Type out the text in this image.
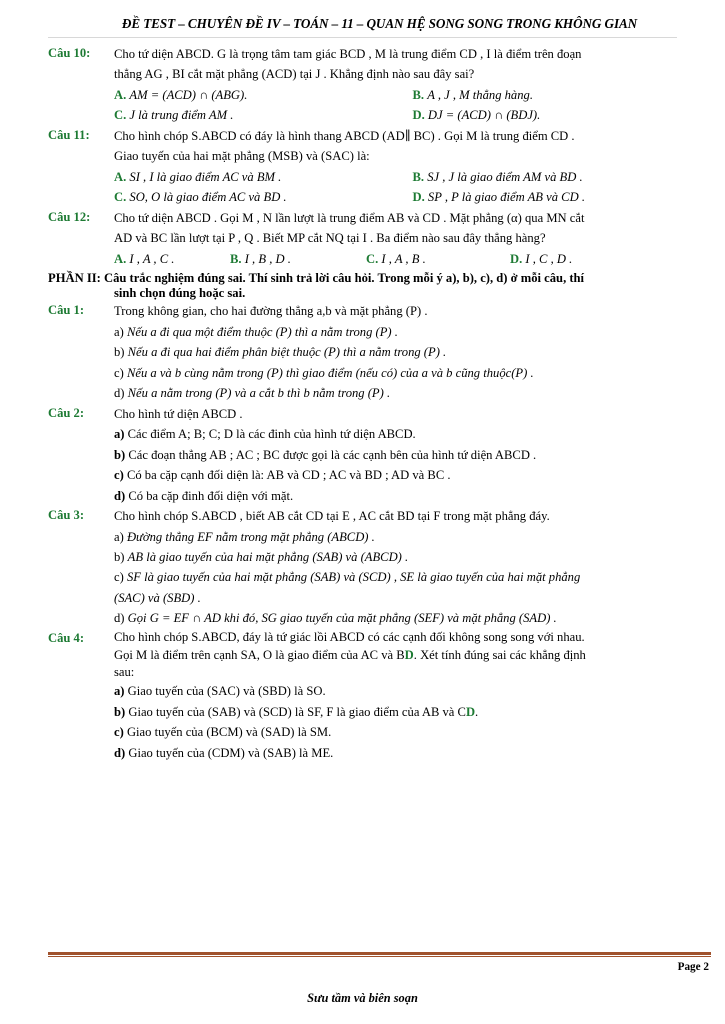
ĐỀ TEST – CHUYÊN ĐỀ IV – TOÁN – 11 – QUAN HỆ SONG SONG TRONG KHÔNG GIAN
Câu 10:	Cho tứ diện ABCD. G là trọng tâm tam giác BCD , M là trung điểm CD , I là điểm trên đoạn
thẳng AG , BI cắt mặt phẳng (ACD) tại J . Khẳng định nào sau đây sai?
A. AM = (ACD) ∩ (ABG).	B. A , J , M thẳng hàng.
C. J là trung điểm AM .	D. DJ = (ACD) ∩ (BDJ).
Câu 11:	Cho hình chóp S.ABCD có đáy là hình thang ABCD (AD∥ BC) . Gọi M là trung điểm CD .
Giao tuyến của hai mặt phẳng (MSB) và (SAC) là:
A. SI , I là giao điểm AC và BM .	B. SJ , J là giao điểm AM và BD .
C. SO, O là giao điểm AC và BD .	D. SP , P là giao điểm AB và CD .
Câu 12:	Cho tứ diện ABCD . Gọi M , N lần lượt là trung điểm AB và CD . Mặt phẳng (α) qua MN cắt
AD và BC lần lượt tại P , Q . Biết MP cắt NQ tại I . Ba điểm nào sau đây thẳng hàng?
A. I , A , C .	B. I , B , D .	C. I , A , B .	D. I , C , D .
PHẦN II: Câu trắc nghiệm đúng sai. Thí sinh trả lời câu hỏi. Trong mỗi ý a), b), c), d) ở mỗi câu, thí
sinh chọn đúng hoặc sai.
Câu 1:	Trong không gian, cho hai đường thẳng a,b và mặt phẳng (P) .
a) Nếu a đi qua một điểm thuộc (P) thì a nằm trong (P) .
b) Nếu a đi qua hai điểm phân biệt thuộc (P) thì a nằm trong (P) .
c) Nếu a và b cùng nằm trong (P) thì giao điểm (nếu có) của a và b cũng thuộc(P) .
d) Nếu a nằm trong (P) và a cắt b thì b nằm trong (P) .
Câu 2:	Cho hình tứ diện ABCD .
a) Các điểm A; B; C; D là các đinh của hình tứ diện ABCD.
b) Các đoạn thẳng AB ; AC ; BC được gọi là các cạnh bên của hình tứ diện ABCD .
c) Có ba cặp cạnh đối diện là: AB và CD ; AC và BD ; AD và BC .
d) Có ba cặp đinh đối diện với mặt.
Câu 3:	Cho hình chóp S.ABCD , biết AB cắt CD tại E , AC cắt BD tại F trong mặt phẳng đáy.
a) Đường thẳng EF nằm trong mặt phẳng (ABCD) .
b) AB là giao tuyến của hai mặt phẳng (SAB) và (ABCD) .
c) SF là giao tuyến của hai mặt phẳng (SAB) và (SCD) , SE là giao tuyến của hai mặt phẳng
(SAC) và (SBD) .
d) Gọi G = EF ∩ AD khi đó, SG giao tuyến của mặt phẳng (SEF) và mặt phẳng (SAD) .
Câu 4:	Cho hình chóp S.ABCD, đáy là tứ giác lồi ABCD có các cạnh đối không song song với nhau.
Gọi M là điểm trên cạnh SA, O là giao điểm của AC và BD. Xét tính đúng sai các khẳng định
sau:
a) Giao tuyến của (SAC) và (SBD) là SO.
b) Giao tuyến của (SAB) và (SCD) là SF, F là giao điểm của AB và CD.
c) Giao tuyến của (BCM) và (SAD) là SM.
d) Giao tuyến của (CDM) và (SAB) là ME.
Page 2
Sưu tầm và biên soạn
